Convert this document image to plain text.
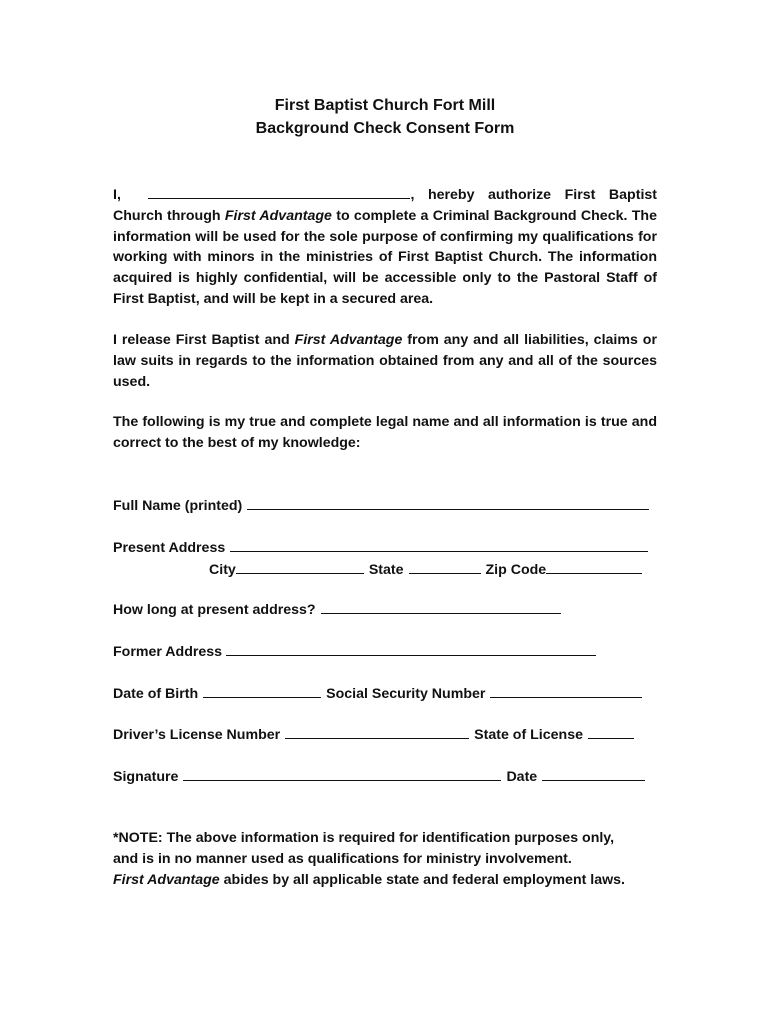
First Baptist Church Fort Mill
Background Check Consent Form

I,	, hereby authorize First Baptist Church through First Advantage to complete a Criminal Background Check. The information will be used for the sole purpose of confirming my qualifications for working with minors in the ministries of First Baptist Church. The information acquired is highly confidential, will be accessible only to the Pastoral Staff of First Baptist, and will be kept in a secured area.

I release First Baptist and First Advantage from any and all liabilities, claims or law suits in regards to the information obtained from any and all of the sources used.

The following is my true and complete legal name and all information is true and correct to the best of my knowledge:

Full Name (printed)
Present Address
City	State	Zip Code
How long at present address?
Former Address
Date of Birth	Social Security Number
Driver’s License Number	State of License
Signature	Date

*NOTE: The above information is required for identification purposes only,
and is in no manner used as qualifications for ministry involvement.
First Advantage abides by all applicable state and federal employment laws.
